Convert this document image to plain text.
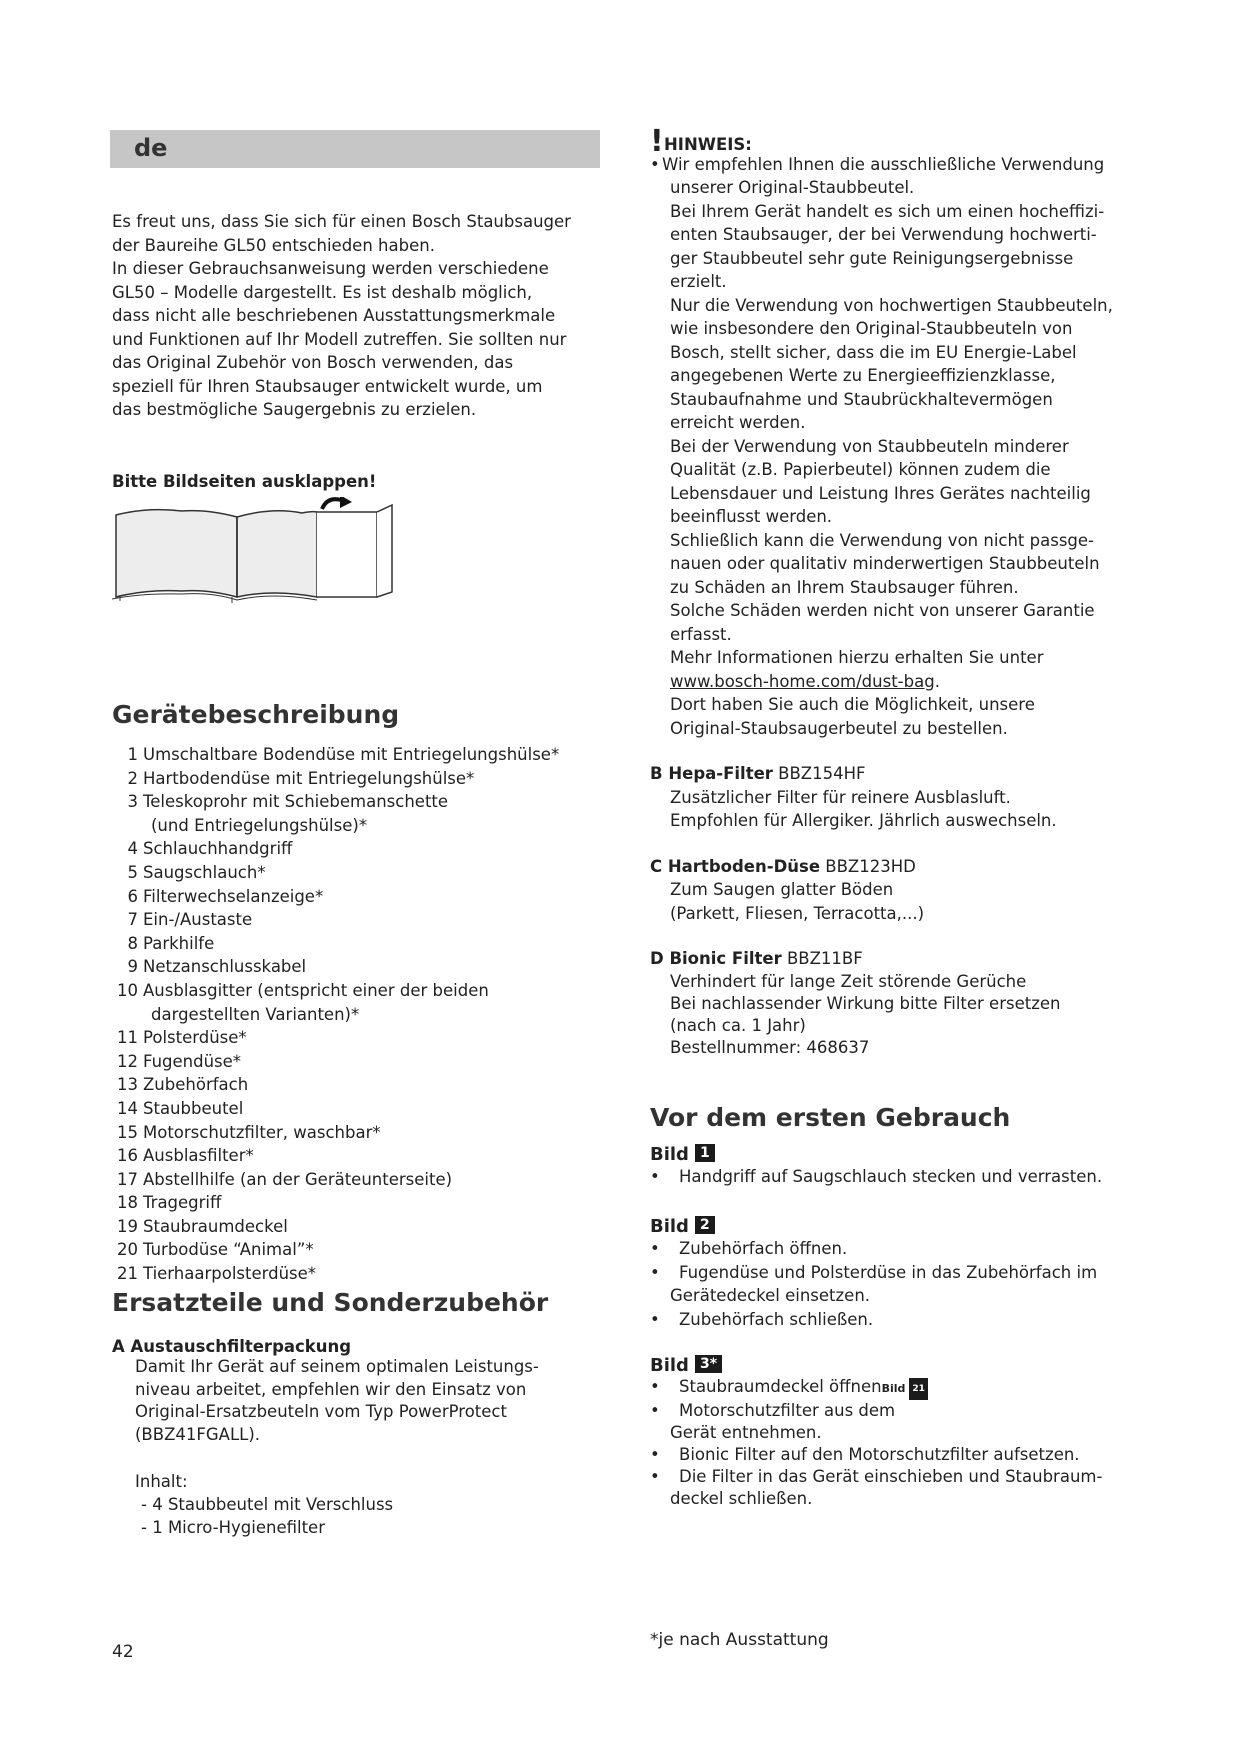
de

Es freut uns, dass Sie sich für einen Bosch Staubsauger

der Baureihe GL50 entschieden haben.

In dieser Gebrauchsanweisung werden verschiedene

GL50 – Modelle dargestellt. Es ist deshalb möglich,

dass nicht alle beschriebenen Ausstattungsmerkmale

und Funktionen auf Ihr Modell zutreffen. Sie sollten nur

das Original Zubehör von Bosch verwenden, das

speziell für Ihren Staubsauger entwickelt wurde, um

das bestmögliche Saugergebnis zu erzielen.

Bitte Bildseiten ausklappen!

Gerätebeschreibung
1 Umschaltbare Bodendüse mit Entriegelungshülse*
2 Hartbodendüse mit Entriegelungshülse*
3 Teleskoprohr mit Schiebemanschette
(und Entriegelungshülse)*
4 Schlauchhandgriff
5 Saugschlauch*
6 Filterwechselanzeige*
7 Ein-/Austaste
8 Parkhilfe
9 Netzanschlusskabel
10 Ausblasgitter (entspricht einer der beiden
dargestellten Varianten)*
11 Polsterdüse*
12 Fugendüse*
13 Zubehörfach
14 Staubbeutel
15 Motorschutzfilter, waschbar*
16 Ausblasfilter*
17 Abstellhilfe (an der Geräteunterseite)
18 Tragegriff
19 Staubraumdeckel
20 Turbodüse “Animal”*
21 Tierhaarpolsterdüse*
Ersatzteile und Sonderzubehör

A Austauschfilterpackung

Damit Ihr Gerät auf seinem optimalen Leistungs-

niveau arbeitet, empfehlen wir den Einsatz von

Original-Ersatzbeuteln vom Typ PowerProtect

(BBZ41FGALL).

Inhalt:

- 4 Staubbeutel mit Verschluss

- 1 Micro-Hygienefilter

! HINWEIS:
• Wir empfehlen Ihnen die ausschließliche Verwendung

unserer Original-Staubbeutel.

Bei Ihrem Gerät handelt es sich um einen hocheffizi-

enten Staubsauger, der bei Verwendung hochwerti-

ger Staubbeutel sehr gute Reinigungsergebnisse

erzielt.

Nur die Verwendung von hochwertigen Staubbeuteln,

wie insbesondere den Original-Staubbeuteln von

Bosch, stellt sicher, dass die im EU Energie-Label

angegebenen Werte zu Energieeffizienzklasse,

Staubaufnahme und Staubrückhaltevermögen

erreicht werden.

Bei der Verwendung von Staubbeuteln minderer

Qualität (z.B. Papierbeutel) können zudem die

Lebensdauer und Leistung Ihres Gerätes nachteilig

beeinflusst werden.

Schließlich kann die Verwendung von nicht passge-

nauen oder qualitativ minderwertigen Staubbeuteln

zu Schäden an Ihrem Staubsauger führen.

Solche Schäden werden nicht von unserer Garantie

erfasst.

Mehr Informationen hierzu erhalten Sie unter

www.bosch-home.com/dust-bag.

Dort haben Sie auch die Möglichkeit, unsere

Original-Staubsaugerbeutel zu bestellen.

B Hepa-Filter BBZ154HF

Zusätzlicher Filter für reinere Ausblasluft.

Empfohlen für Allergiker. Jährlich auswechseln.

C Hartboden-Düse BBZ123HD

Zum Saugen glatter Böden

(Parkett, Fliesen, Terracotta,...)

D Bionic Filter BBZ11BF

Verhindert für lange Zeit störende Gerüche

Bei nachlassender Wirkung bitte Filter ersetzen

(nach ca. 1 Jahr)

Bestellnummer: 468637

Vor dem ersten Gebrauch
Bild 1
•	Handgriff auf Saugschlauch stecken und verrasten.
Bild 2
•	Zubehörfach öffnen.
•	Fugendüse und Polsterdüse in das Zubehörfach im
Gerätedeckel einsetzen.
•	Zubehörfach schließen.
Bild 3*
•	Staubraumdeckel öffnenBild 21
•	Motorschutzfilter aus dem
Gerät entnehmen.
•	Bionic Filter auf den Motorschutzfilter aufsetzen.
•	Die Filter in das Gerät einschieben und Staubraum-
deckel schließen.
42
*je nach Ausstattung
